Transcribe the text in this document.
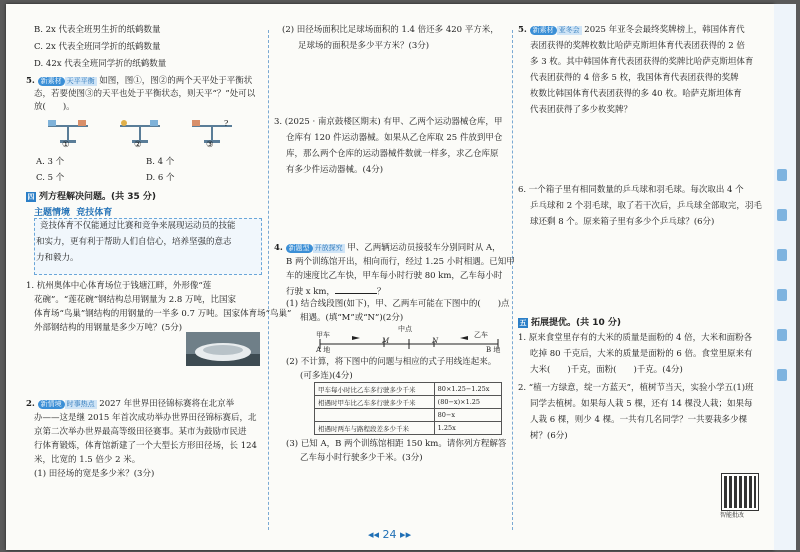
B. 2x 代表全班男生折的纸鹤数量
C. 2x 代表全班同学折的纸鹤数量
D. 42x 代表全班同学折的纸鹤数量
5. 新素材 天平平衡 如图，图①，图②的两个天平处于平衡状
态，若要使图③的天平也处于平衡状态，则天平“？”处可以
放(　　)。
?
①	②	③
A. 3 个	B. 4 个
C. 5 个	D. 6 个
四 列方程解决问题。(共 35 分)
主题情境 竞技体育
竞技体育不仅能通过比赛和竞争来展现运动员的技能
和实力，更有利于帮助人们自信心，培养坚强的意志
力和毅力。
1. 杭州奥体中心体育场位于钱塘江畔，外形像“莲
花碗”。“莲花碗”钢结构总用钢量为 2.8 万吨，比国家
体育场“鸟巢”钢结构的用钢量的一半多 0.7 万吨。国家体育场“鸟巢”
外部钢结构的用钢量是多少万吨？(5分)
2. 新情境 时事热点 2027 年世界田径锦标赛将在北京举
办——这是继 2015 年首次成功举办世界田径锦标赛后，北
京第二次举办世界最高等级田径赛事。某市为鼓励市民进
行体育锻炼，体育馆新建了一个大型长方形田径场，长 124
米，比宽的 1.5 倍少 2 米。
(1) 田径场的宽是多少米？(3分)
(2) 田径场面积比足球场面积的 1.4 倍还多 420 平方米，
足球场的面积是多少平方米？(3分)
3. (2025 · 南京鼓楼区期末) 有甲、乙两个运动器械仓库，甲
仓库有 120 件运动器械。如果从乙仓库取 25 件放到甲仓
库，那么两个仓库的运动器械件数就一样多，求乙仓库原
有多少件运动器械。(4分)
4. 新题型 开放探究 甲、乙两辆运动员接驳车分别同时从 A，
B 两个训练馆开出，相向而行，经过 1.25 小时相遇。已知甲
车的速度比乙车快，甲车每小时行驶 80 km，乙车每小时
行驶 x km，	？
(1) 结合线段图(如下)，甲、乙两车可能在下图中的(　　)点
相遇。(填“M”或“N”)(2分)
甲车
中点
乙车
M	N
A 地	B 地
(2) 不计算，将下图中的问题与相应的式子用线连起来。
(可多连)(4分)
甲车每小时比乙车多行驶多少千米	80×1.25−1.25x
相遇时甲车比乙车多行驶多少千米	(80−x)×1.25
	80−x
相遇时两车与路程段差多少千米	1.25x
(3) 已知 A，B 两个训练馆相距 150 km。请你列方程解答
乙车每小时行驶多少千米。(3分)
5. 新素材 亚冬会 2025 年亚冬会最终奖牌榜上，韩国体育代
表团获得的奖牌枚数比哈萨克斯坦体育代表团获得的 2 倍
多 3 枚。其中韩国体育代表团获得的奖牌比哈萨克斯坦体育
代表团获得的 4 倍多 5 枚，我国体育代表团获得的奖牌
枚数比韩国体育代表团获得的多 40 枚。哈萨克斯坦体育
代表团获得了多少枚奖牌？
6. 一个箱子里有相同数量的乒乓球和羽毛球。每次取出 4 个
乒乓球和 2 个羽毛球，取了若干次后，乒乓球全部取完，羽毛
球还剩 8 个。原来箱子里有多少个乒乓球？(6分)
五 拓展提优。(共 10 分)
1. 原来食堂里存有的大米的质量是面粉的 4 倍，大米和面粉各
吃掉 80 千克后，大米的质量是面粉的 6 倍。食堂里原来有
大米(　　)千克，面粉(　　)千克。(4分)
2. “植一方绿意，绽一方蓝天”，植树节当天，实验小学五(1)班
同学去植树。如果每人栽 5 棵，还有 14 棵没人栽；如果每
人栽 6 棵，则少 4 棵。一共有几名同学？一共要栽多少棵
树？(6分)
智能批改
◂◂ 24 ▸▸
